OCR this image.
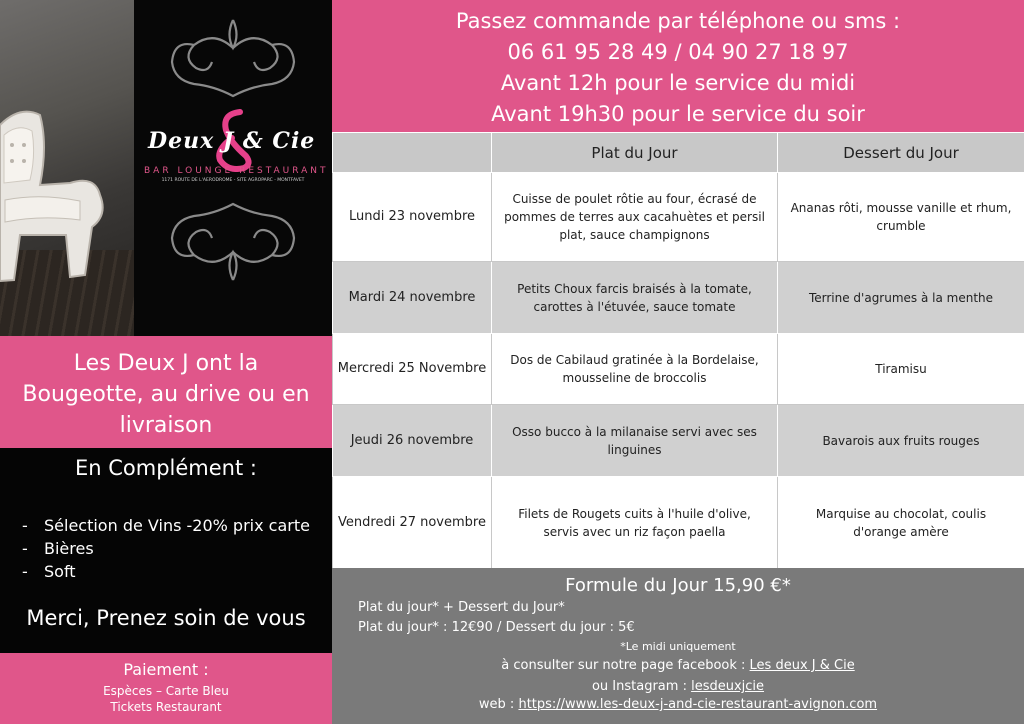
Deux J & Cie
BAR LOUNGE RESTAURANT
1171 ROUTE DE L'AERODROME - SITE AGROPARC - MONTFAVET
Les Deux J ont la
Bougeotte, au drive ou en
livraison
En Complément :
- Sélection de Vins -20% prix carte
- Bières
- Soft
Merci, Prenez soin de vous
Paiement :
Espèces – Carte Bleu
Tickets Restaurant
Passez commande par téléphone ou sms :
06 61 95 28 49 / 04 90 27 18 97
Avant 12h pour le service du midi
Avant 19h30 pour le service du soir
	Plat du Jour	Dessert du Jour
Lundi 23 novembre	Cuisse de poulet rôtie au four, écrasé de pommes de terres aux cacahuètes et persil plat, sauce champignons	Ananas rôti, mousse vanille et rhum, crumble
Mardi 24 novembre	Petits Choux farcis braisés à la tomate, carottes à l'étuvée, sauce tomate	Terrine d'agrumes à la menthe
Mercredi 25 Novembre	Dos de Cabilaud gratinée à la Bordelaise, mousseline de broccolis	Tiramisu
Jeudi 26 novembre	Osso bucco à la milanaise servi avec ses linguines	Bavarois aux fruits rouges
Vendredi 27 novembre	Filets de Rougets cuits à l'huile d'olive, servis avec un riz façon paella	Marquise au chocolat, coulis d'orange amère
Formule du Jour 15,90 €*
Plat du jour* + Dessert du Jour*
Plat du jour* : 12€90 / Dessert du jour : 5€
*Le midi uniquement
à consulter sur notre page facebook : Les deux J & Cie
ou Instagram : lesdeuxjcie
web : https://www.les-deux-j-and-cie-restaurant-avignon.com
